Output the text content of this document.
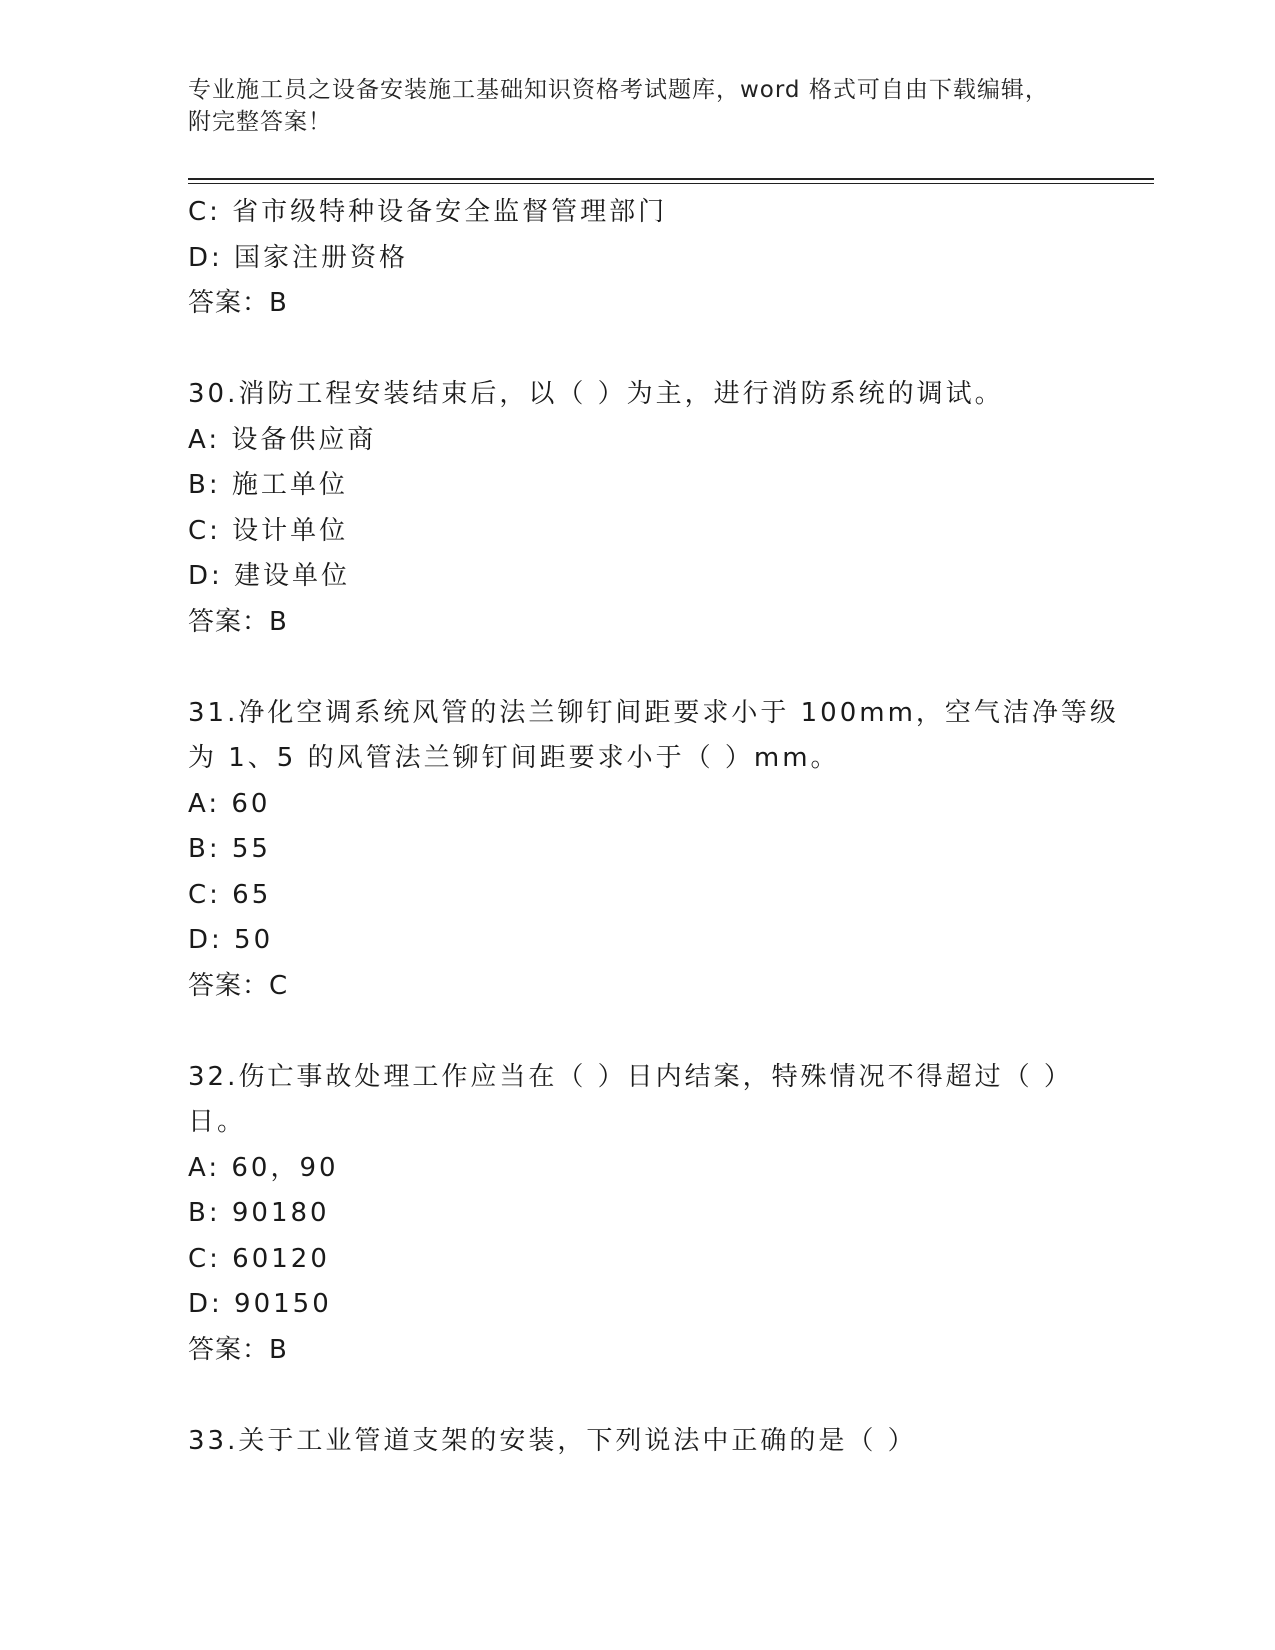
专业施工员之设备安装施工基础知识资格考试题库，word 格式可自由下载编辑，
附完整答案！
C: 省市级特种设备安全监督管理部门
D: 国家注册资格
答案：B
30.消防工程安装结束后，以（ ）为主，进行消防系统的调试。
A: 设备供应商
B: 施工单位
C: 设计单位
D: 建设单位
答案：B
31.净化空调系统风管的法兰铆钉间距要求小于 100mm，空气洁净等级
为 1、5 的风管法兰铆钉间距要求小于（ ）mm。
A: 60
B: 55
C: 65
D: 50
答案：C
32.伤亡事故处理工作应当在（ ）日内结案，特殊情况不得超过（ ）
日。
A: 60，90
B: 90180
C: 60120
D: 90150
答案：B
33.关于工业管道支架的安装，下列说法中正确的是（ ）
